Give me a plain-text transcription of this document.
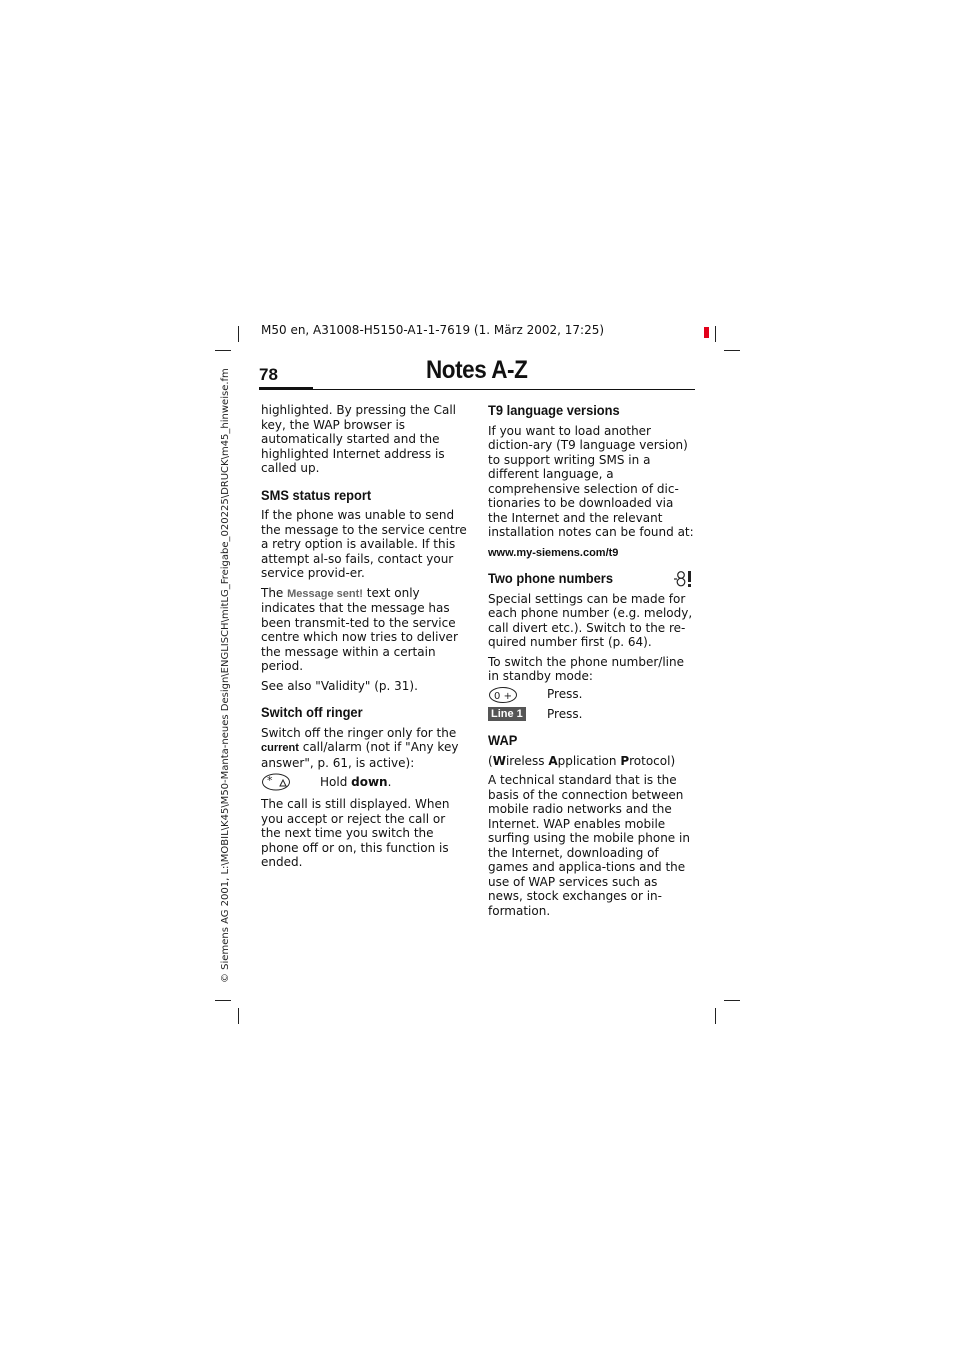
M50 en, A31008-H5150-A1-1-7619 (1. März 2002, 17:25)
© Siemens AG 2001, L:\MOBIL\K45\M50-Manta-neues Design\ENGLISCH\mitLG_Freigabe_020225\DRUCK\m45_hinweise.fm 78	Notes A-Z

highlighted. By pressing the Call key, the WAP browser is automatically started and the highlighted Internet address is called up.

SMS status report

If the phone was unable to send the message to the service centre a retry option is available. If this attempt al-so fails, contact your service provid-er.

The Message sent! text only indicates that the message has been transmit-ted to the service centre which now tries to deliver the message within a certain period.

See also "Validity" (p. 31).

Switch off ringer

Switch off the ringer only for the current call/alarm (not if "Any key answer", p. 61, is active):

*	Hold down.

The call is still displayed. When you accept or reject the call or the next time you switch the phone off or on, this function is ended.

T9 language versions

If you want to load another diction-ary (T9 language version) to support writing SMS in a different language, a comprehensive selection of dic-tionaries to be downloaded via the Internet and the relevant installation notes can be found at:

www.my-siemens.com/t9
Two phone numbers

Special settings can be made for each phone number (e.g. melody, call divert etc.). Switch to the re-quired number first (p. 64).

To switch the phone number/line in standby mode:

0 +	Press.
Line 1 Press.
WAP

(Wireless Application Protocol)

A technical standard that is the basis of the connection between mobile radio networks and the Internet. WAP enables mobile surfing using the mobile phone in the Internet, downloading of games and applica-tions and the use of WAP services such as news, stock exchanges or in-formation.
